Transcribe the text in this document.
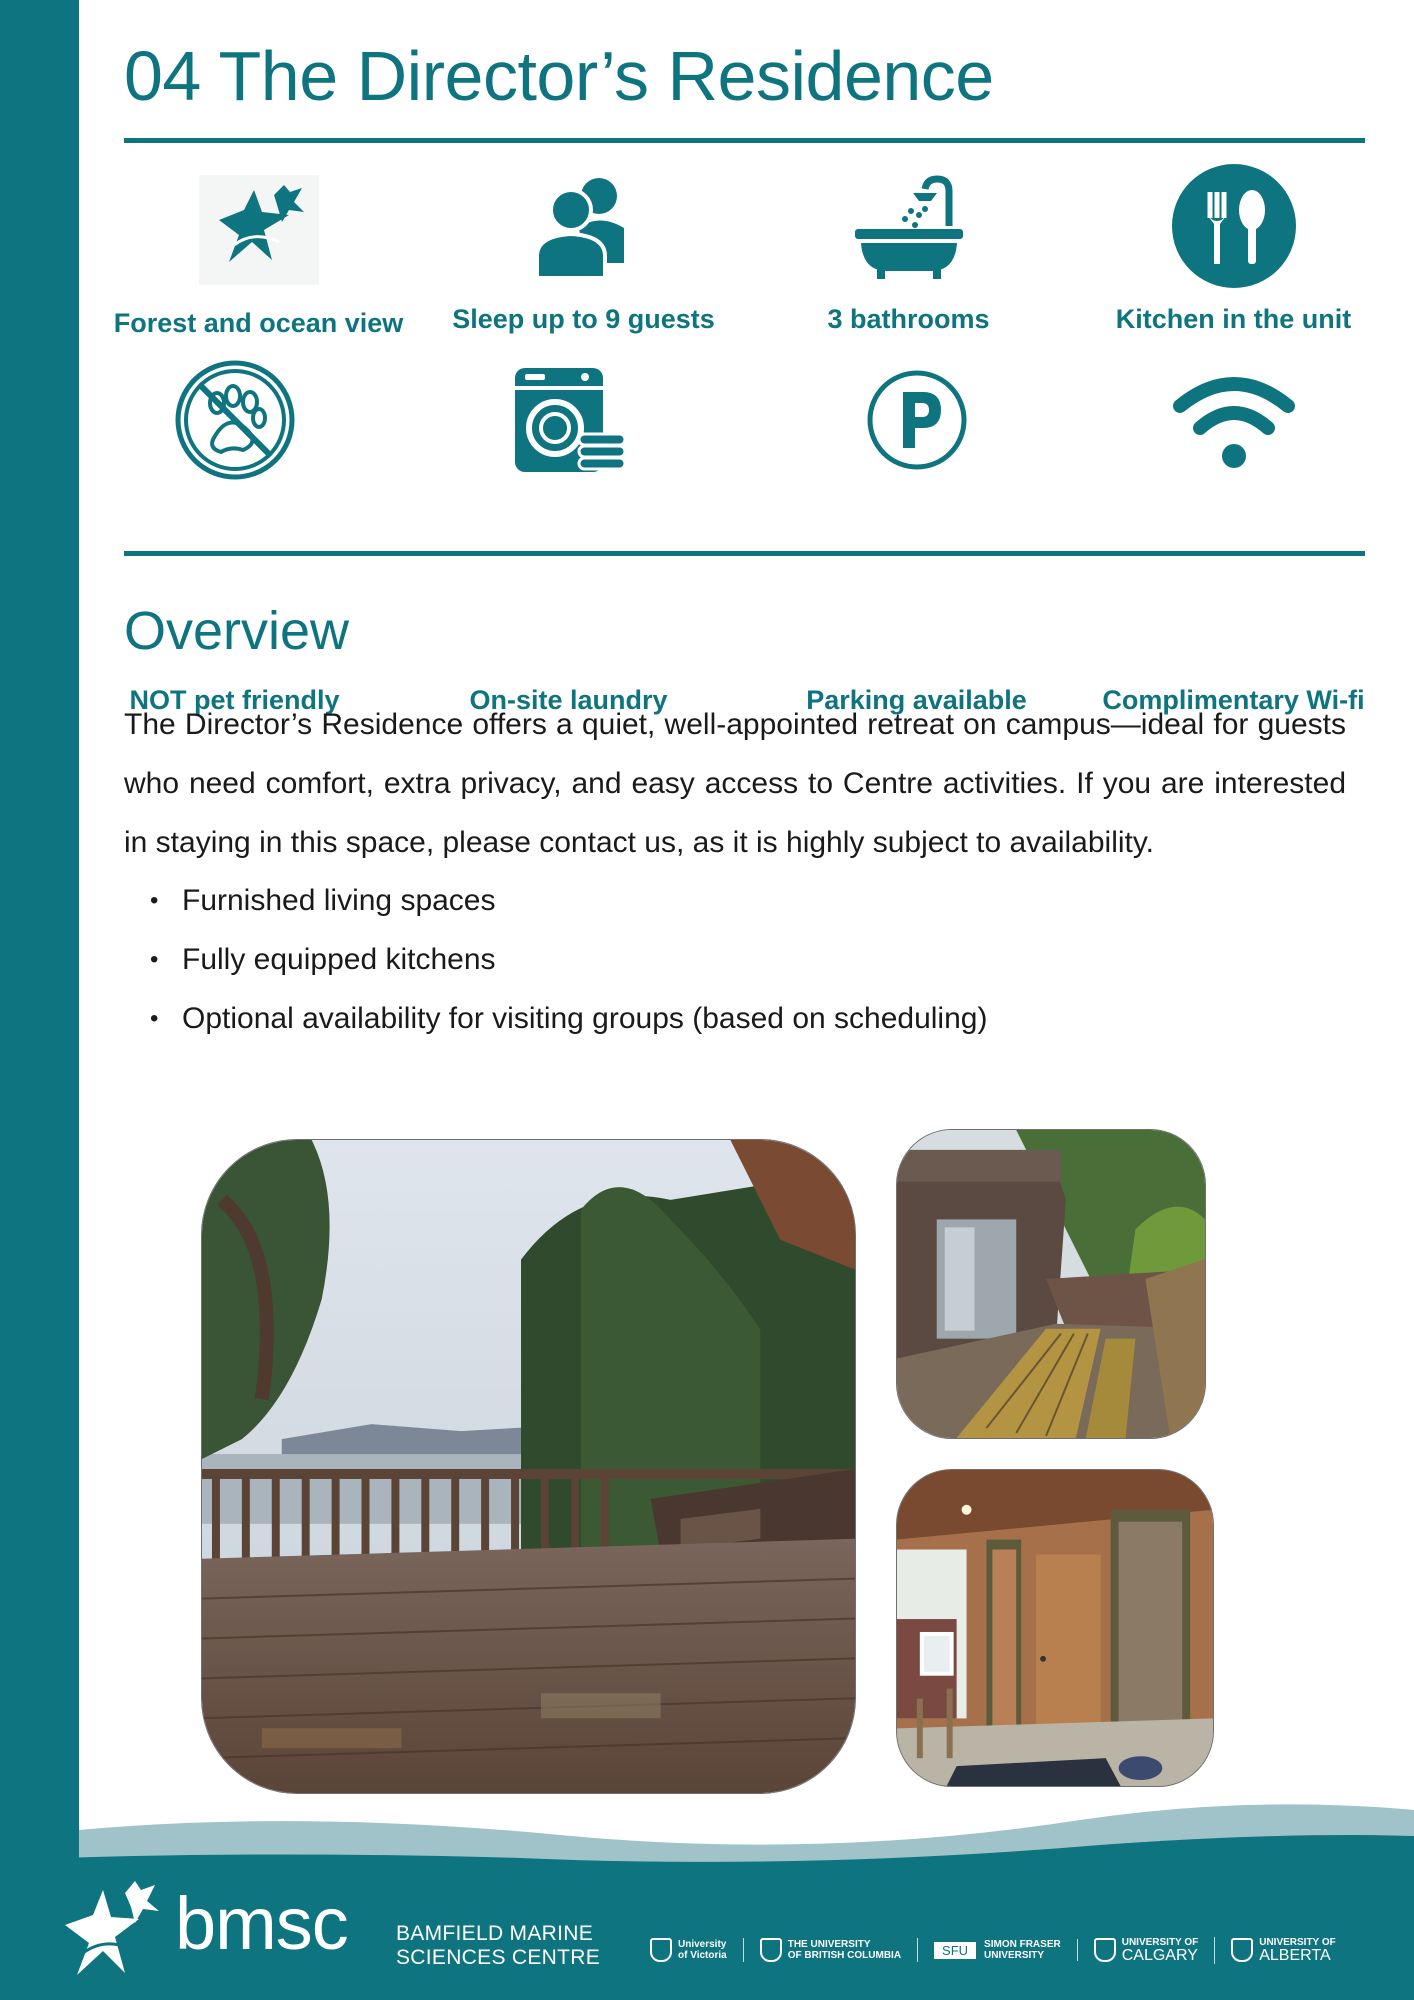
04 The Director’s Residence
Forest and ocean view	Sleep up to 9 guests	3 bathrooms	Kitchen in the unit
NOT pet friendly	On-site laundry	Parking available	Complimentary Wi-fi
Overview

The Director’s Residence offers a quiet, well-appointed retreat on campus—ideal for guests who need comfort, extra privacy, and easy access to Centre activities. If you are interested in staying in this space, please contact us, as it is highly subject to availability.

• Furnished living spaces
• Fully equipped kitchens
• Optional availability for visiting groups (based on scheduling)
bmsc BAMFIELD MARINE
SCIENCES CENTRE
University
of Victoria
THE UNIVERSITY
OF BRITISH COLUMBIA	SFU	SIMON FRASER
UNIVERSITY
UNIVERSITY OF
CALGARY
UNIVERSITY OF
ALBERTA
